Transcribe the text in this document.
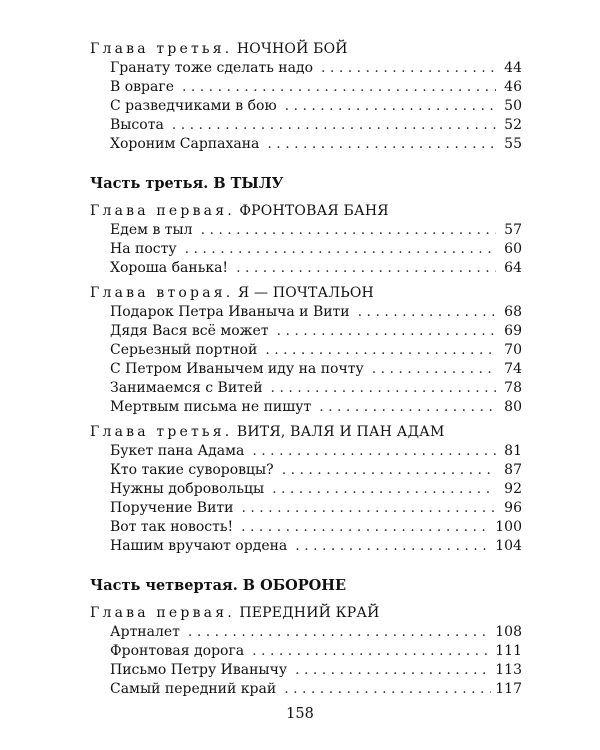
Глава третья. НОЧНОЙ БОЙ
Гранату тоже сделать надо . . .	44
В овраге . . .	46
С разведчиками в бою . . .	50
Высота . . .	52
Хороним Сарпахана . . .	55
Часть третья. В ТЫЛУ
Глава первая. ФРОНТОВАЯ БАНЯ
Едем в тыл . . .	57
На посту . . .	60
Хороша банька! . . .	64
Глава вторая. Я — ПОЧТАЛЬОН
Подарок Петра Иваныча и Вити . . .	68
Дядя Вася всё может . . .	69
Серьезный портной . . .	70
С Петром Иванычем иду на почту . . .	74
Занимаемся с Витей . . .	78
Мертвым письма не пишут . . .	80
Глава третья. ВИТЯ, ВАЛЯ И ПАН АДАМ
Букет пана Адама . . .	81
Кто такие суворовцы? . . .	87
Нужны добровольцы . . .	92
Поручение Вити . . .	96
Вот так новость! . . .	100
Нашим вручают ордена . . .	104
Часть четвертая. В ОБОРОНЕ
Глава первая. ПЕРЕДНИЙ КРАЙ
Артналет . . .	108
Фронтовая дорога . . .	111
Письмо Петру Иванычу . . .	113
Самый передний край . . .	117
158
